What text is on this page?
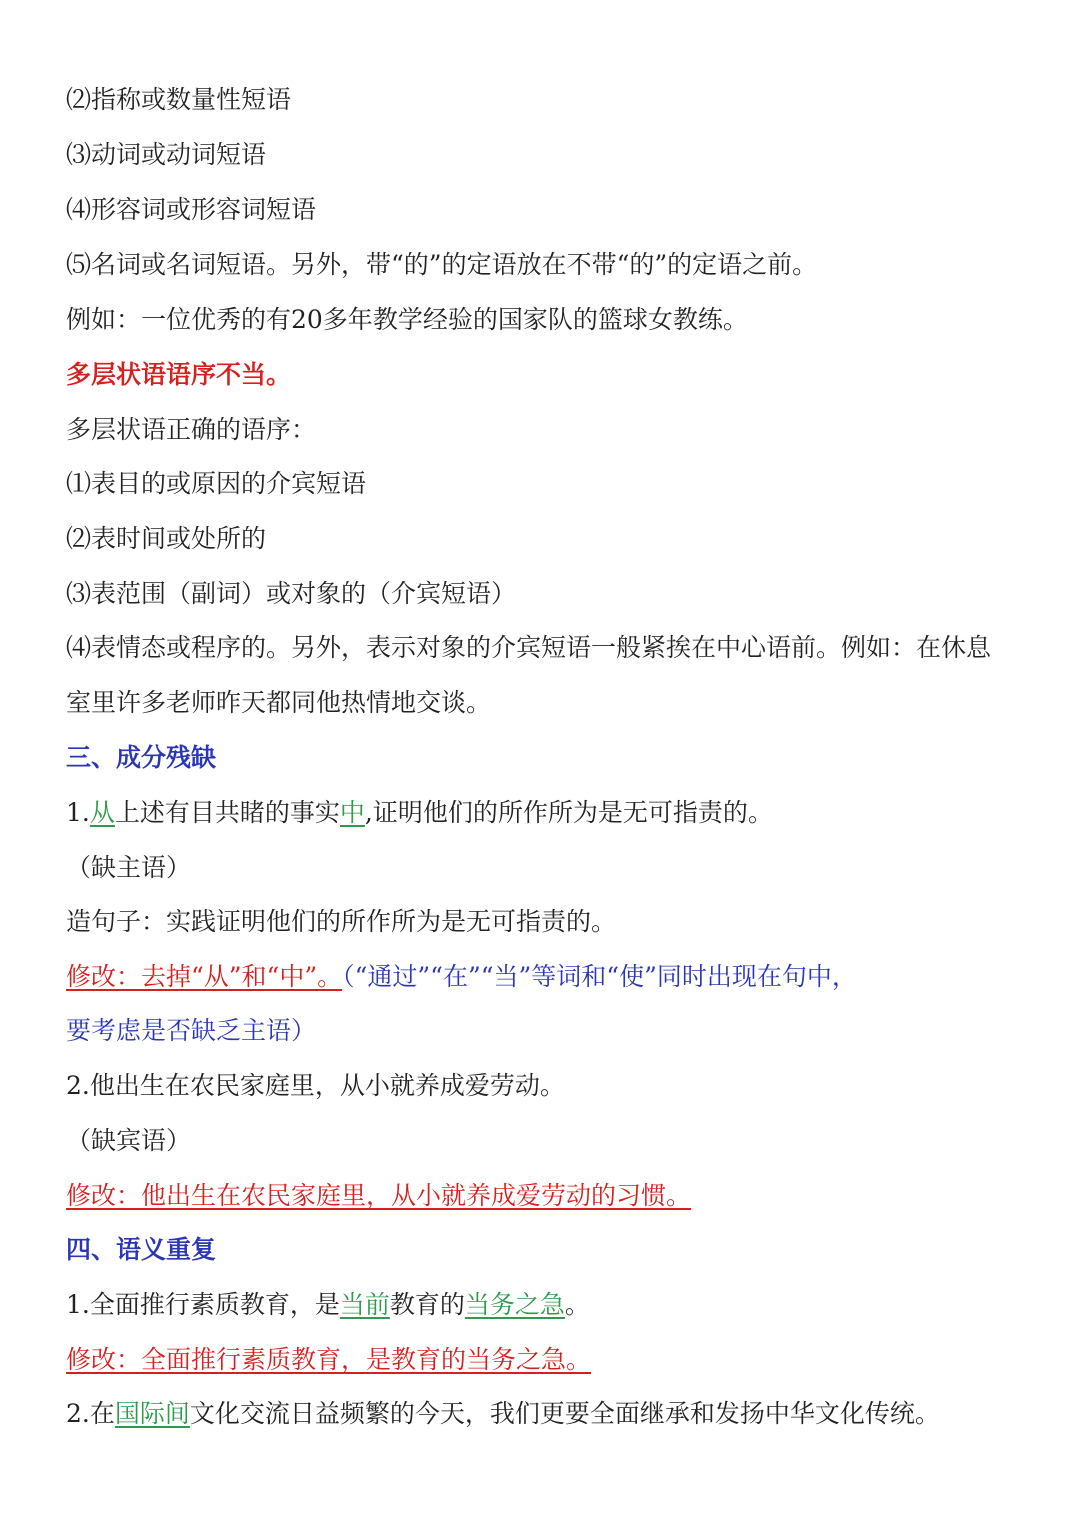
⑵指称或数量性短语
⑶动词或动词短语
⑷形容词或形容词短语
⑸名词或名词短语。另外，带“的”的定语放在不带“的”的定语之前。
例如：一位优秀的有20多年教学经验的国家队的篮球女教练。
多层状语语序不当。
多层状语正确的语序：
⑴表目的或原因的介宾短语
⑵表时间或处所的
⑶表范围（副词）或对象的（介宾短语）
⑷表情态或程序的。另外，表示对象的介宾短语一般紧挨在中心语前。例如：在休息
室里许多老师昨天都同他热情地交谈。
三、成分残缺
1.从上述有目共睹的事实中,证明他们的所作所为是无可指责的。
（缺主语）
造句子：实践证明他们的所作所为是无可指责的。
修改：去掉“从”和“中”。（“通过”“在”“当”等词和“使”同时出现在句中，
要考虑是否缺乏主语）
2.他出生在农民家庭里，从小就养成爱劳动。
（缺宾语）
修改：他出生在农民家庭里，从小就养成爱劳动的习惯。
四、语义重复
1.全面推行素质教育，是当前教育的当务之急。
修改：全面推行素质教育，是教育的当务之急。
2.在国际间文化交流日益频繁的今天，我们更要全面继承和发扬中华文化传统。
